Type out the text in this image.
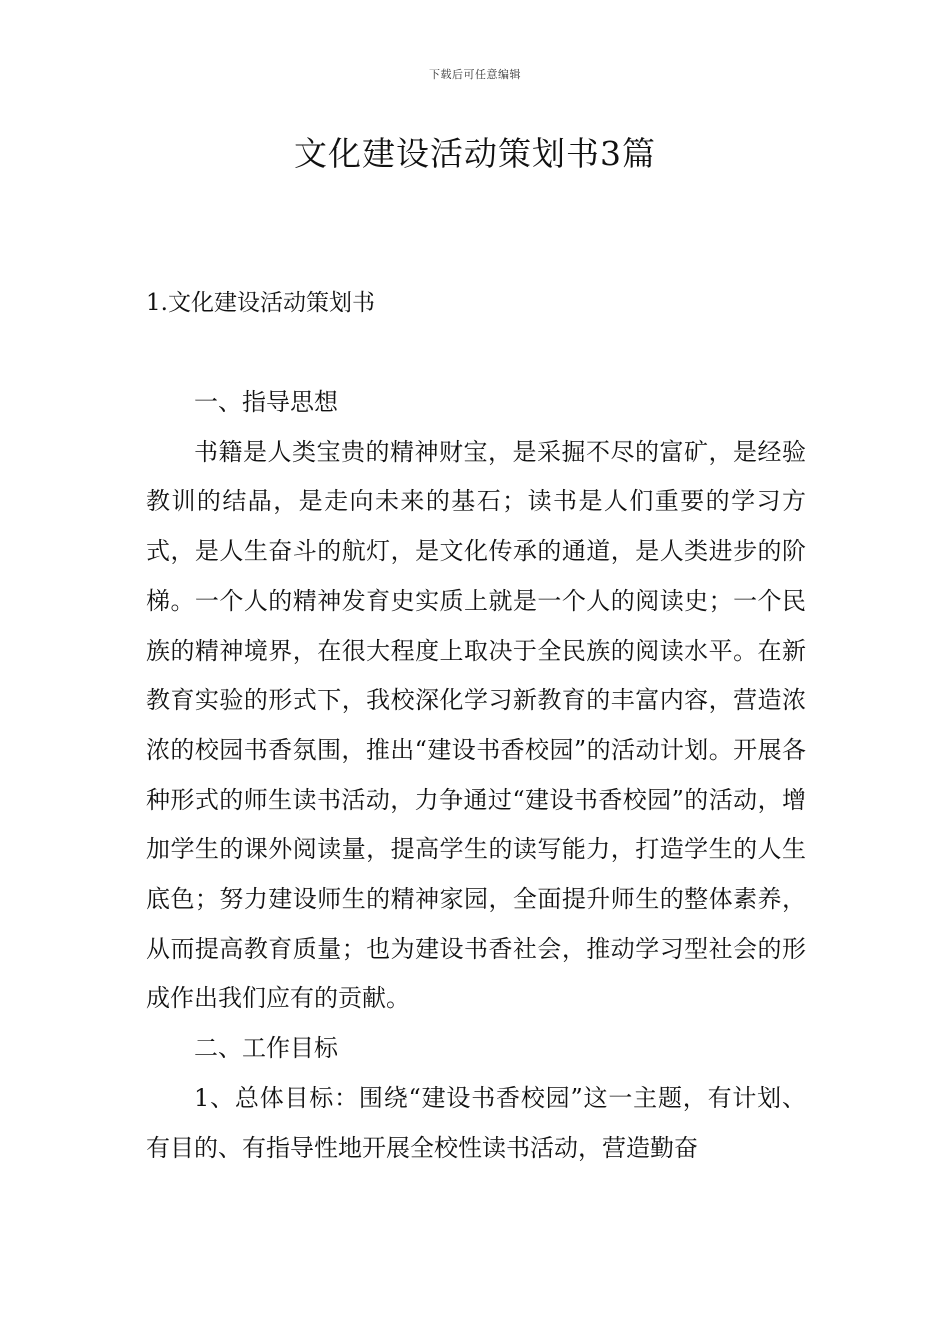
下载后可任意编辑
文化建设活动策划书3篇
1.文化建设活动策划书

一、指导思想

书籍是人类宝贵的精神财宝，是采掘不尽的富矿，是经验教训的结晶，是走向未来的基石；读书是人们重要的学习方式，是人生奋斗的航灯，是文化传承的通道，是人类进步的阶梯。一个人的精神发育史实质上就是一个人的阅读史；一个民族的精神境界，在很大程度上取决于全民族的阅读水平。在新教育实验的形式下，我校深化学习新教育的丰富内容，营造浓浓的校园书香氛围，推出“建设书香校园”的活动计划。开展各种形式的师生读书活动，力争通过“建设书香校园”的活动，增加学生的课外阅读量，提高学生的读写能力，打造学生的人生底色；努力建设师生的精神家园，全面提升师生的整体素养，从而提高教育质量；也为建设书香社会，推动学习型社会的形成作出我们应有的贡献。

二、工作目标

1、总体目标：围绕“建设书香校园”这一主题，有计划、有目的、有指导性地开展全校性读书活动，营造勤奋
